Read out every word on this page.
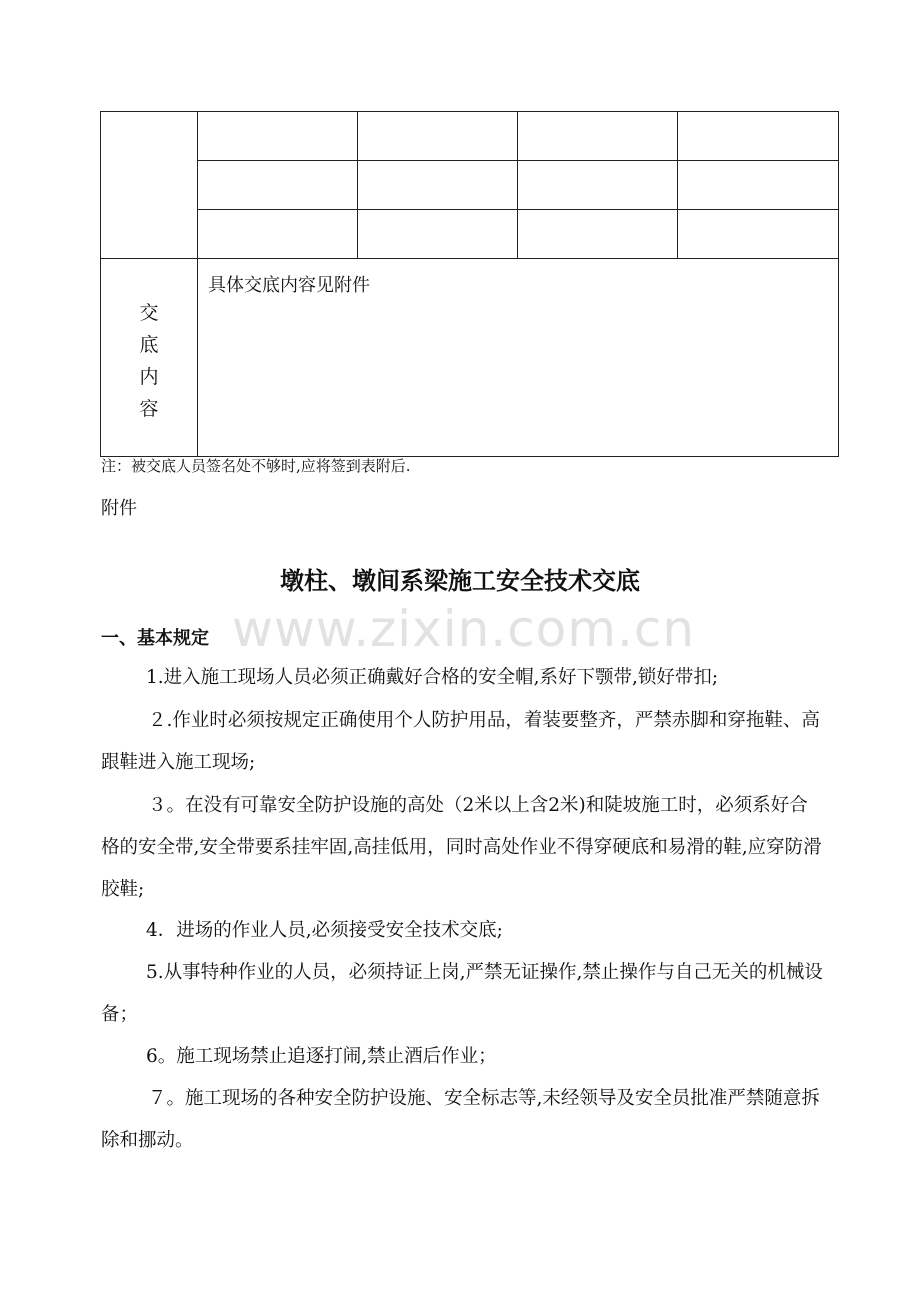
交
底
内
容	具体交底内容见附件			
注：被交底人员签名处不够时,应将签到表附后.
附件
www.zixin.com.cn
墩柱、墩间系梁施工安全技术交底
一、基本规定

1.进入施工现场人员必须正确戴好合格的安全帽,系好下颚带,锁好带扣;

２.作业时必须按规定正确使用个人防护用品，着装要整齐，严禁赤脚和穿拖鞋、高跟鞋进入施工现场;

３。在没有可靠安全防护设施的高处（2米以上含2米)和陡坡施工时，必须系好合格的安全带,安全带要系挂牢固,高挂低用，同时高处作业不得穿硬底和易滑的鞋,应穿防滑胶鞋;

4．进场的作业人员,必须接受安全技术交底;

5.从事特种作业的人员，必须持证上岗,严禁无证操作,禁止操作与自己无关的机械设备；

6。施工现场禁止追逐打闹,禁止酒后作业；

７。施工现场的各种安全防护设施、安全标志等,未经领导及安全员批准严禁随意拆除和挪动。
